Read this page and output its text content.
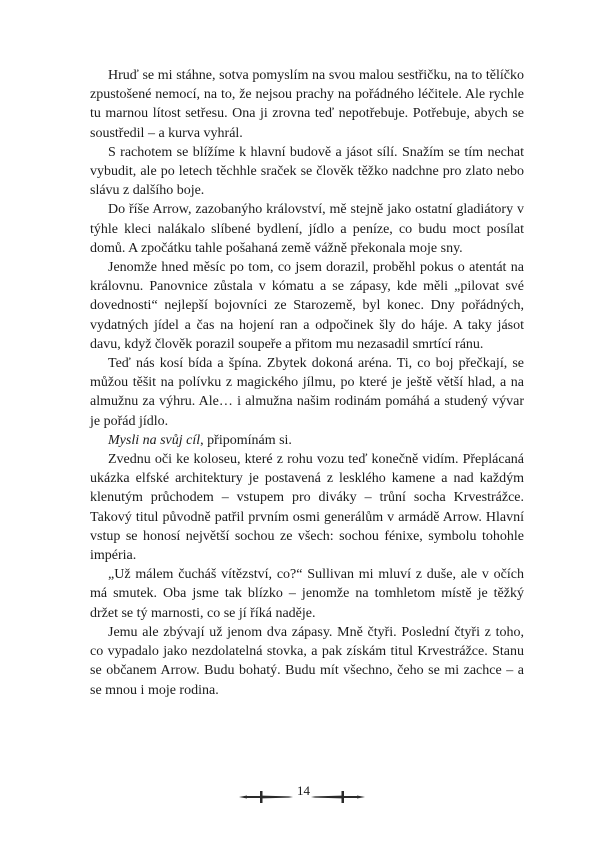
Hruď se mi stáhne, sotva pomyslím na svou malou sestřičku, na to tělíčko zpustošené nemocí, na to, že nejsou prachy na pořádného léčitele. Ale rychle tu marnou lítost setřesu. Ona ji zrovna teď nepotřebuje. Potřebuje, abych se soustředil – a kurva vyhrál.

S rachotem se blížíme k hlavní budově a jásot sílí. Snažím se tím nechat vybudit, ale po letech těchhle sraček se člověk těžko nadchne pro zlato nebo slávu z dalšího boje.

Do říše Arrow, zazobanýho království, mě stejně jako ostatní gladiátory v týhle kleci nalákalo slíbené bydlení, jídlo a peníze, co budu moct posílat domů. A zpočátku tahle pošahaná země vážně překonala moje sny.

Jenomže hned měsíc po tom, co jsem dorazil, proběhl pokus o atentát na královnu. Panovnice zůstala v kómatu a se zápasy, kde měli „pilovat své dovednosti“ nejlepší bojovníci ze Starozemě, byl konec. Dny pořádných, vydatných jídel a čas na hojení ran a odpočinek šly do háje. A taky jásot davu, když člověk porazil soupeře a přitom mu nezasadil smrtící ránu.

Teď nás kosí bída a špína. Zbytek dokoná aréna. Ti, co boj přečkají, se můžou těšit na polívku z magického jílmu, po které je ještě větší hlad, a na almužnu za výhru. Ale… i almužna našim rodinám pomáhá a studený vývar je pořád jídlo.

Mysli na svůj cíl, připomínám si.

Zvednu oči ke koloseu, které z rohu vozu teď konečně vidím. Přeplácaná ukázka elfské architektury je postavená z lesklého kamene a nad každým klenutým průchodem – vstupem pro diváky – trůní socha Krvestrážce. Takový titul původně patřil prvním osmi generálům v armádě Arrow. Hlavní vstup se honosí největší sochou ze všech: sochou fénixe, symbolu tohohle impéria.

„Už málem čucháš vítězství, co?“ Sullivan mi mluví z duše, ale v očích má smutek. Oba jsme tak blízko – jenomže na tomhletom místě je těžký držet se tý marnosti, co se jí říká naděje.

Jemu ale zbývají už jenom dva zápasy. Mně čtyři. Poslední čtyři z toho, co vypadalo jako nezdolatelná stovka, a pak získám titul Krvestrážce. Stanu se občanem Arrow. Budu bohatý. Budu mít všechno, čeho se mi zachce – a se mnou i moje rodina.

14
